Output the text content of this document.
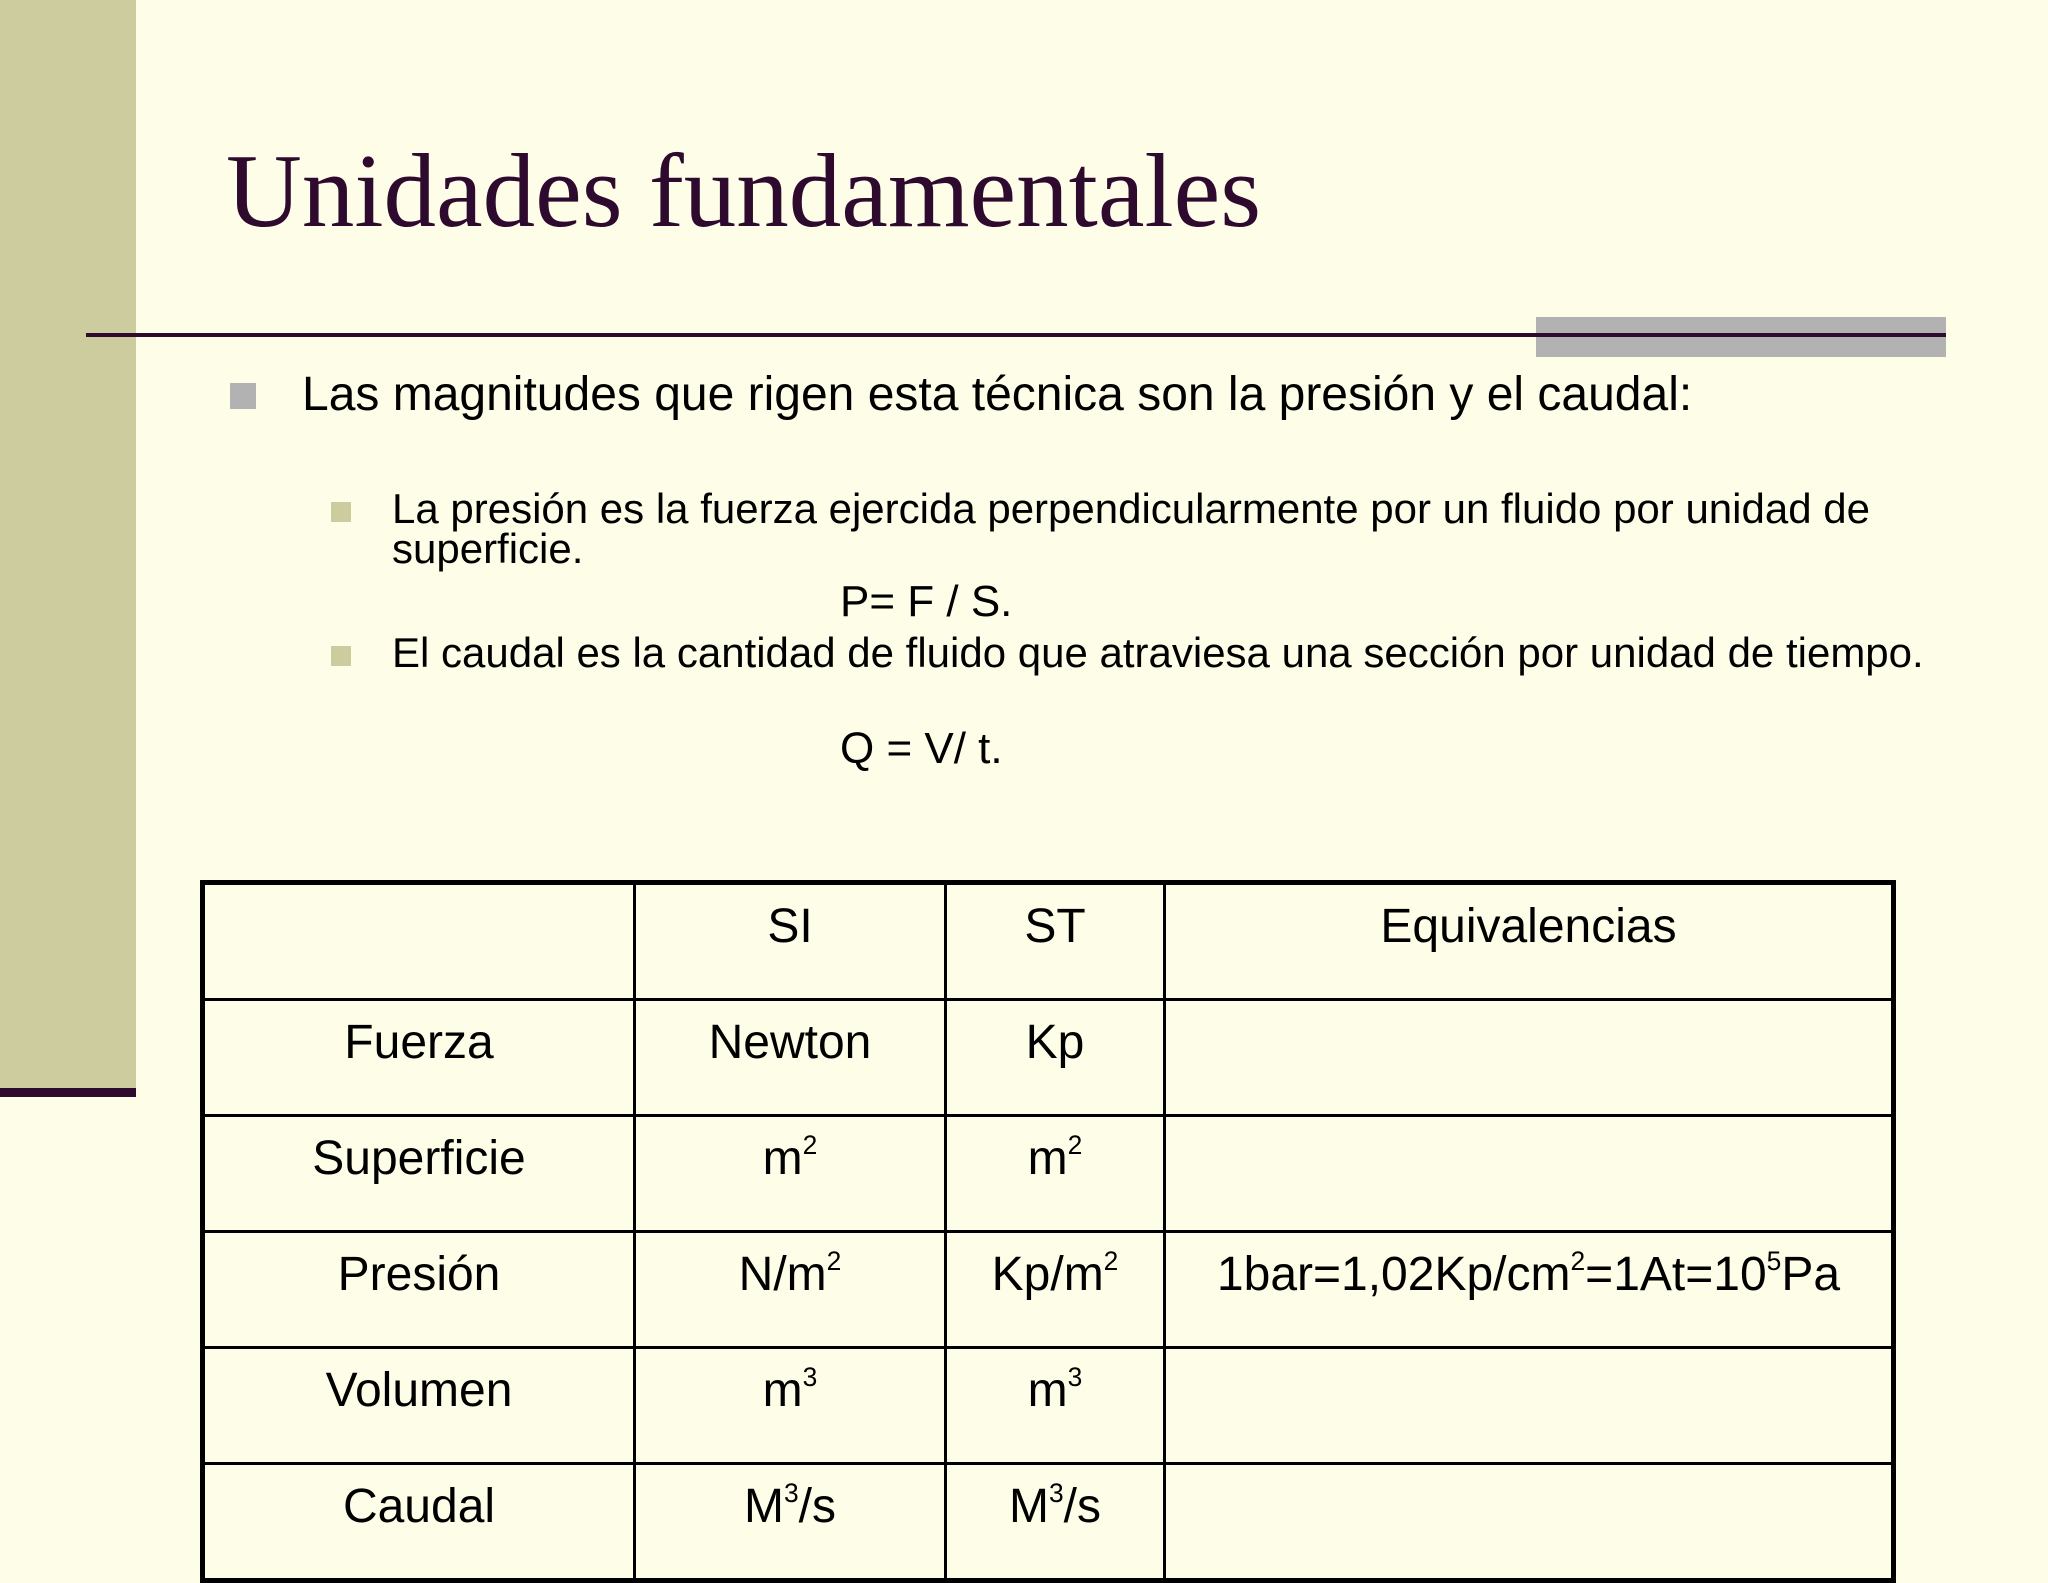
Unidades fundamentales
Las magnitudes que rigen esta técnica son la presión y el caudal:
La presión es la fuerza ejercida perpendicularmente por un fluido por unidad de superficie.
P= F / S.
El caudal es la cantidad de fluido que atraviesa una sección por unidad de tiempo.
Q = V/ t.
	SI	ST	Equivalencias
Fuerza	Newton	Kp	
Superficie	$m^2$	$m^2$	
Presión	$N/m^2$	$Kp/m^2$	$1bar=1,02Kp/cm^2=1At=10^5Pa$
Volumen	$m^3$	$m^3$	
Caudal	$M^3/s$	$M^3/s$	
